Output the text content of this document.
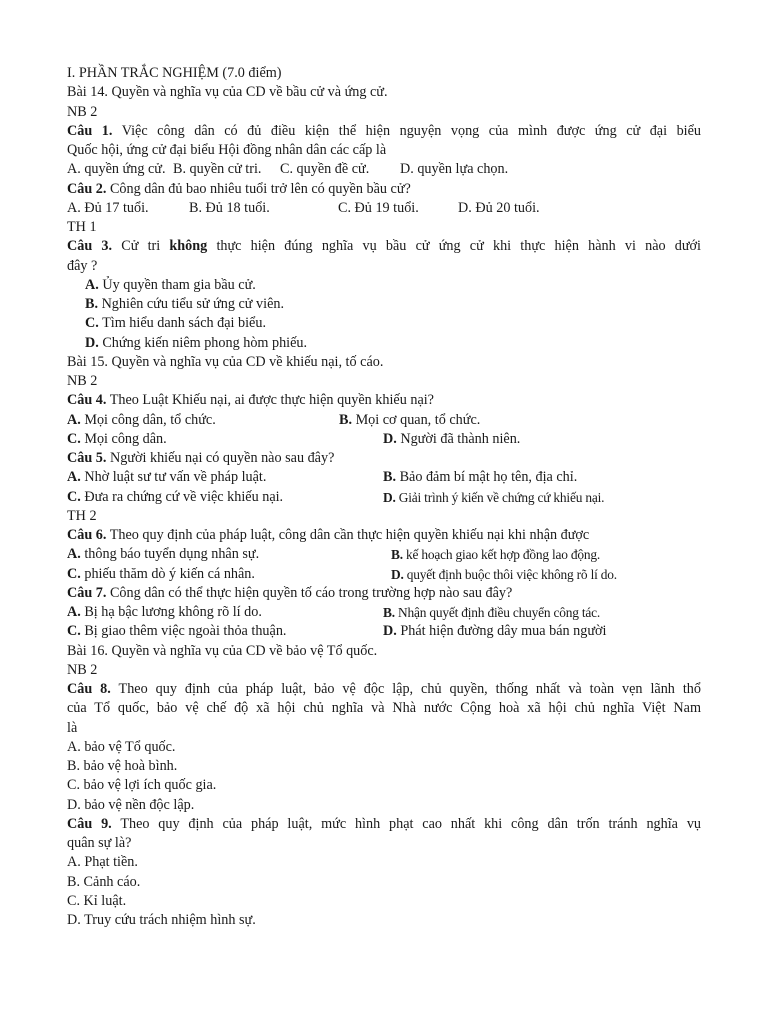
I. PHẦN TRẮC NGHIỆM (7.0 điểm)
Bài 14. Quyền và nghĩa vụ của CD về bầu cử và ứng cử.
NB 2
Câu 1. Việc công dân có đủ điều kiện thể hiện nguyện vọng của mình được ứng cử đại biểu
Quốc hội, ứng cử đại biểu Hội đồng nhân dân các cấp là
A. quyền ứng cử. B. quyền cử tri.	C. quyền đề cử.	D. quyền lựa chọn.
Câu 2. Công dân đủ bao nhiêu tuổi trở lên có quyền bầu cử?
A. Đủ 17 tuổi.	B. Đủ 18 tuổi.	C. Đủ 19 tuổi.	D. Đủ 20 tuổi.
TH 1
Câu 3. Cử tri không thực hiện đúng nghĩa vụ bầu cử ứng cử khi thực hiện hành vi nào dưới
đây ?
A. Ủy quyền tham gia bầu cử.
B. Nghiên cứu tiểu sử ứng cử viên.
C. Tìm hiểu danh sách đại biểu.
D. Chứng kiến niêm phong hòm phiếu.
Bài 15. Quyền và nghĩa vụ của CD về khiếu nại, tố cáo.
NB 2
Câu 4. Theo Luật Khiếu nại, ai được thực hiện quyền khiếu nại?
A. Mọi công dân, tổ chức.	B. Mọi cơ quan, tổ chức.
C. Mọi công dân.	D. Người đã thành niên.
Câu 5. Người khiếu nại có quyền nào sau đây?
A. Nhờ luật sư tư vấn về pháp luật.	B. Bảo đảm bí mật họ tên, địa chỉ.
C. Đưa ra chứng cứ về việc khiếu nại.	D. Giải trình ý kiến về chứng cứ khiếu nại.
TH 2
Câu 6. Theo quy định của pháp luật, công dân cần thực hiện quyền khiếu nại khi nhận được
A. thông báo tuyển dụng nhân sự.	B. kế hoạch giao kết hợp đồng lao động.
C. phiếu thăm dò ý kiến cá nhân.	D. quyết định buộc thôi việc không rõ lí do.
Câu 7. Công dân có thể thực hiện quyền tố cáo trong trường hợp nào sau đây?
A. Bị hạ bậc lương không rõ lí do.	B. Nhận quyết định điều chuyển công tác.
C. Bị giao thêm việc ngoài thỏa thuận.	D. Phát hiện đường dây mua bán người
Bài 16. Quyền và nghĩa vụ của CD về bảo vệ Tổ quốc.
NB 2
Câu 8. Theo quy định của pháp luật, bảo vệ độc lập, chủ quyền, thống nhất và toàn vẹn lãnh thổ
của Tổ quốc, bảo vệ chế độ xã hội chủ nghĩa và Nhà nước Cộng hoà xã hội chủ nghĩa Việt Nam
là
A. bảo vệ Tổ quốc.
B. bảo vệ hoà bình.
C. bảo vệ lợi ích quốc gia.
D. bảo vệ nền độc lập.
Câu 9. Theo quy định của pháp luật, mức hình phạt cao nhất khi công dân trốn tránh nghĩa vụ
quân sự là?
A. Phạt tiền.
B. Cảnh cáo.
C. Kỉ luật.
D. Truy cứu trách nhiệm hình sự.
